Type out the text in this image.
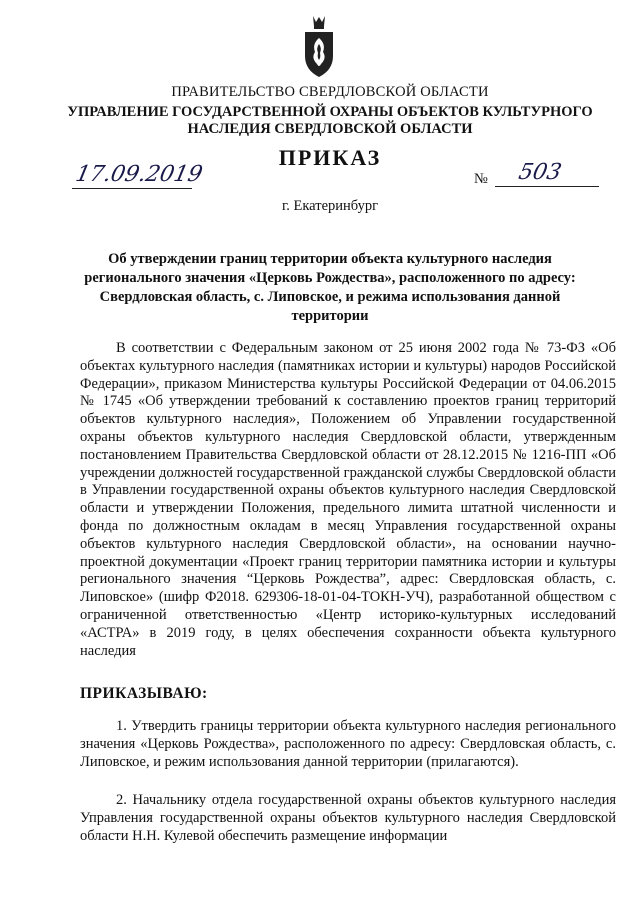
ПРАВИТЕЛЬСТВО СВЕРДЛОВСКОЙ ОБЛАСТИ
УПРАВЛЕНИЕ ГОСУДАРСТВЕННОЙ ОХРАНЫ ОБЪЕКТОВ КУЛЬТУРНОГО НАСЛЕДИЯ СВЕРДЛОВСКОЙ ОБЛАСТИ
ПРИКАЗ
17.09.2019	№ 503
г. Екатеринбург
Об утверждении границ территории объекта культурного наследия регионального значения «Церковь Рождества», расположенного по адресу: Свердловская область, с. Липовское, и режима использования данной территории
В соответствии с Федеральным законом от 25 июня 2002 года № 73-ФЗ «Об объектах культурного наследия (памятниках истории и культуры) народов Российской Федерации», приказом Министерства культуры Российской Федерации от 04.06.2015 № 1745 «Об утверждении требований к составлению проектов границ территорий объектов культурного наследия», Положением об Управлении государственной охраны объектов культурного наследия Свердловской области, утвержденным постановлением Правительства Свердловской области от 28.12.2015 № 1216-ПП «Об учреждении должностей государственной гражданской службы Свердловской области в Управлении государственной охраны объектов культурного наследия Свердловской области и утверждении Положения, предельного лимита штатной численности и фонда по должностным окладам в месяц Управления государственной охраны объектов культурного наследия Свердловской области», на основании научно-проектной документации «Проект границ территории памятника истории и культуры регионального значения “Церковь Рождества”, адрес: Свердловская область, с. Липовское» (шифр Ф2018. 629306-18-01-04-ТОКН-УЧ), разработанной обществом с ограниченной ответственностью «Центр историко-культурных исследований «АСТРА» в 2019 году, в целях обеспечения сохранности объекта культурного наследия
ПРИКАЗЫВАЮ:
1. Утвердить границы территории объекта культурного наследия регионального значения «Церковь Рождества», расположенного по адресу: Свердловская область, с. Липовское, и режим использования данной территории (прилагаются).
2. Начальнику отдела государственной охраны объектов культурного наследия Управления государственной охраны объектов культурного наследия Свердловской области Н.Н. Кулевой обеспечить размещение информации
